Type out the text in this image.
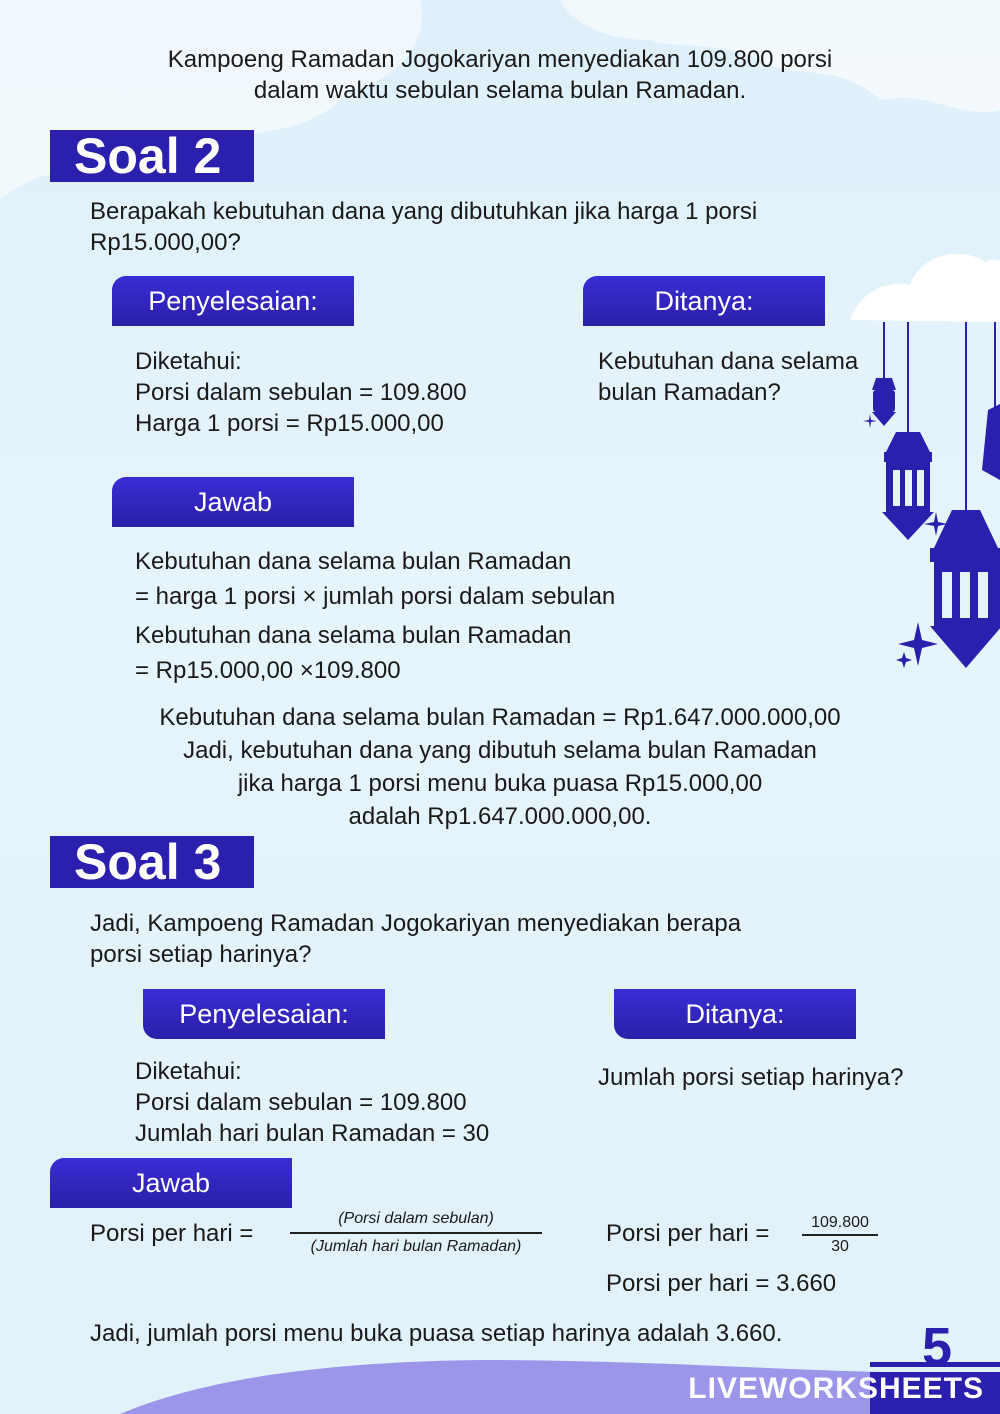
Kampoeng Ramadan Jogokariyan menyediakan 109.800 porsi

dalam waktu sebulan selama bulan Ramadan.

Soal 2

Berapakah kebutuhan dana yang dibutuhkan jika harga 1 porsi

Rp15.000,00?

Penyelesaian:	Ditanya:

Diketahui:

Porsi dalam sebulan = 109.800

Harga 1 porsi = Rp15.000,00

Kebutuhan dana selama

bulan Ramadan?

Jawab

Kebutuhan dana selama bulan Ramadan

= harga 1 porsi × jumlah porsi dalam sebulan

Kebutuhan dana selama bulan Ramadan

= Rp15.000,00 ×109.800

Kebutuhan dana selama bulan Ramadan = Rp1.647.000.000,00

Jadi, kebutuhan dana yang dibutuh selama bulan Ramadan

jika harga 1 porsi menu buka puasa Rp15.000,00

adalah Rp1.647.000.000,00.

Soal 3

Jadi, Kampoeng Ramadan Jogokariyan menyediakan berapa

porsi setiap harinya?

Penyelesaian:	Ditanya:

Diketahui:

Porsi dalam sebulan = 109.800

Jumlah hari bulan Ramadan = 30

Jumlah porsi setiap harinya?

Jawab

Porsi per hari =

(Porsi dalam sebulan)
(Jumlah hari bulan Ramadan)	Porsi per hari =	109.800
30

Porsi per hari = 3.660

Jadi, jumlah porsi menu buka puasa setiap harinya adalah 3.660.	5
LIVEWORKSHEETS
